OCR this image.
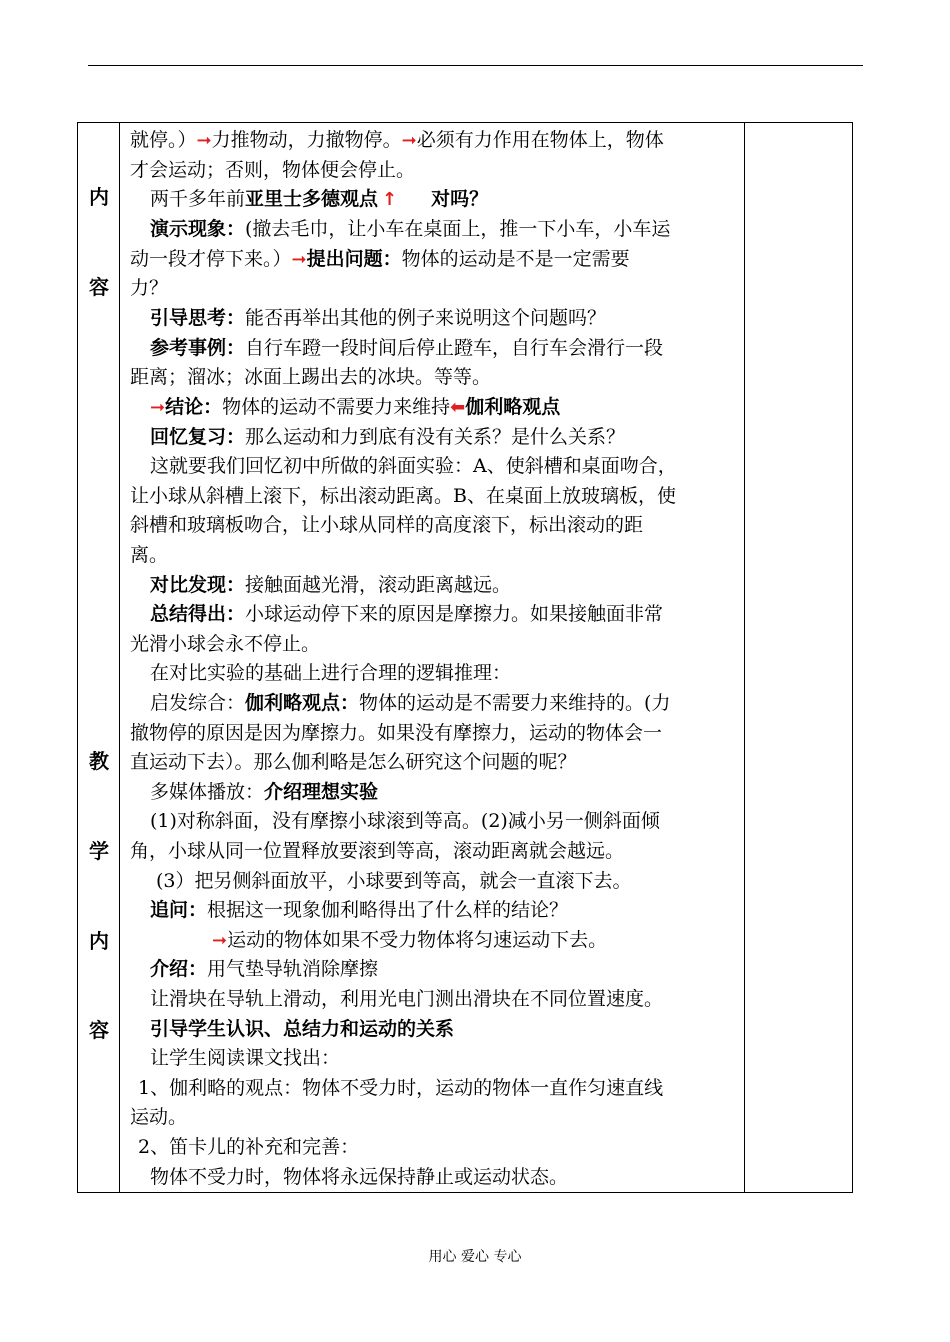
内
容
教
学
内
容
就停。）➞力推物动，力撤物停。➞必须有力作用在物体上，物体
才会运动；否则，物体便会停止。
两千多年前亚里士多德观点 ↑ 对吗？
演示现象：(撤去毛巾，让小车在桌面上，推一下小车，小车运
动一段才停下来。）➞提出问题：物体的运动是不是一定需要
力？
引导思考：能否再举出其他的例子来说明这个问题吗？
参考事例：自行车蹬一段时间后停止蹬车，自行车会滑行一段
距离；溜冰；冰面上踢出去的冰块。等等。
➞结论：物体的运动不需要力来维持⬅伽利略观点
回忆复习：那么运动和力到底有没有关系？是什么关系？
这就要我们回忆初中所做的斜面实验：A、使斜槽和桌面吻合，
让小球从斜槽上滚下，标出滚动距离。B、在桌面上放玻璃板，使
斜槽和玻璃板吻合，让小球从同样的高度滚下，标出滚动的距
离。
对比发现：接触面越光滑，滚动距离越远。
总结得出：小球运动停下来的原因是摩擦力。如果接触面非常
光滑小球会永不停止。
在对比实验的基础上进行合理的逻辑推理：
启发综合：伽利略观点：物体的运动是不需要力来维持的。(力
撤物停的原因是因为摩擦力。如果没有摩擦力，运动的物体会一
直运动下去）。那么伽利略是怎么研究这个问题的呢？
多媒体播放：介绍理想实验
(1)对称斜面，没有摩擦小球滚到等高。(2)减小另一侧斜面倾
角，小球从同一位置释放要滚到等高，滚动距离就会越远。
(3）把另侧斜面放平，小球要到等高，就会一直滚下去。
追问：根据这一现象伽利略得出了什么样的结论？
➞运动的物体如果不受力物体将匀速运动下去。
介绍：用气垫导轨消除摩擦
让滑块在导轨上滑动，利用光电门测出滑块在不同位置速度。
引导学生认识、总结力和运动的关系
让学生阅读课文找出：
1、伽利略的观点：物体不受力时，运动的物体一直作匀速直线
运动。
2、笛卡儿的补充和完善：
物体不受力时，物体将永远保持静止或运动状态。
用心 爱心 专心
